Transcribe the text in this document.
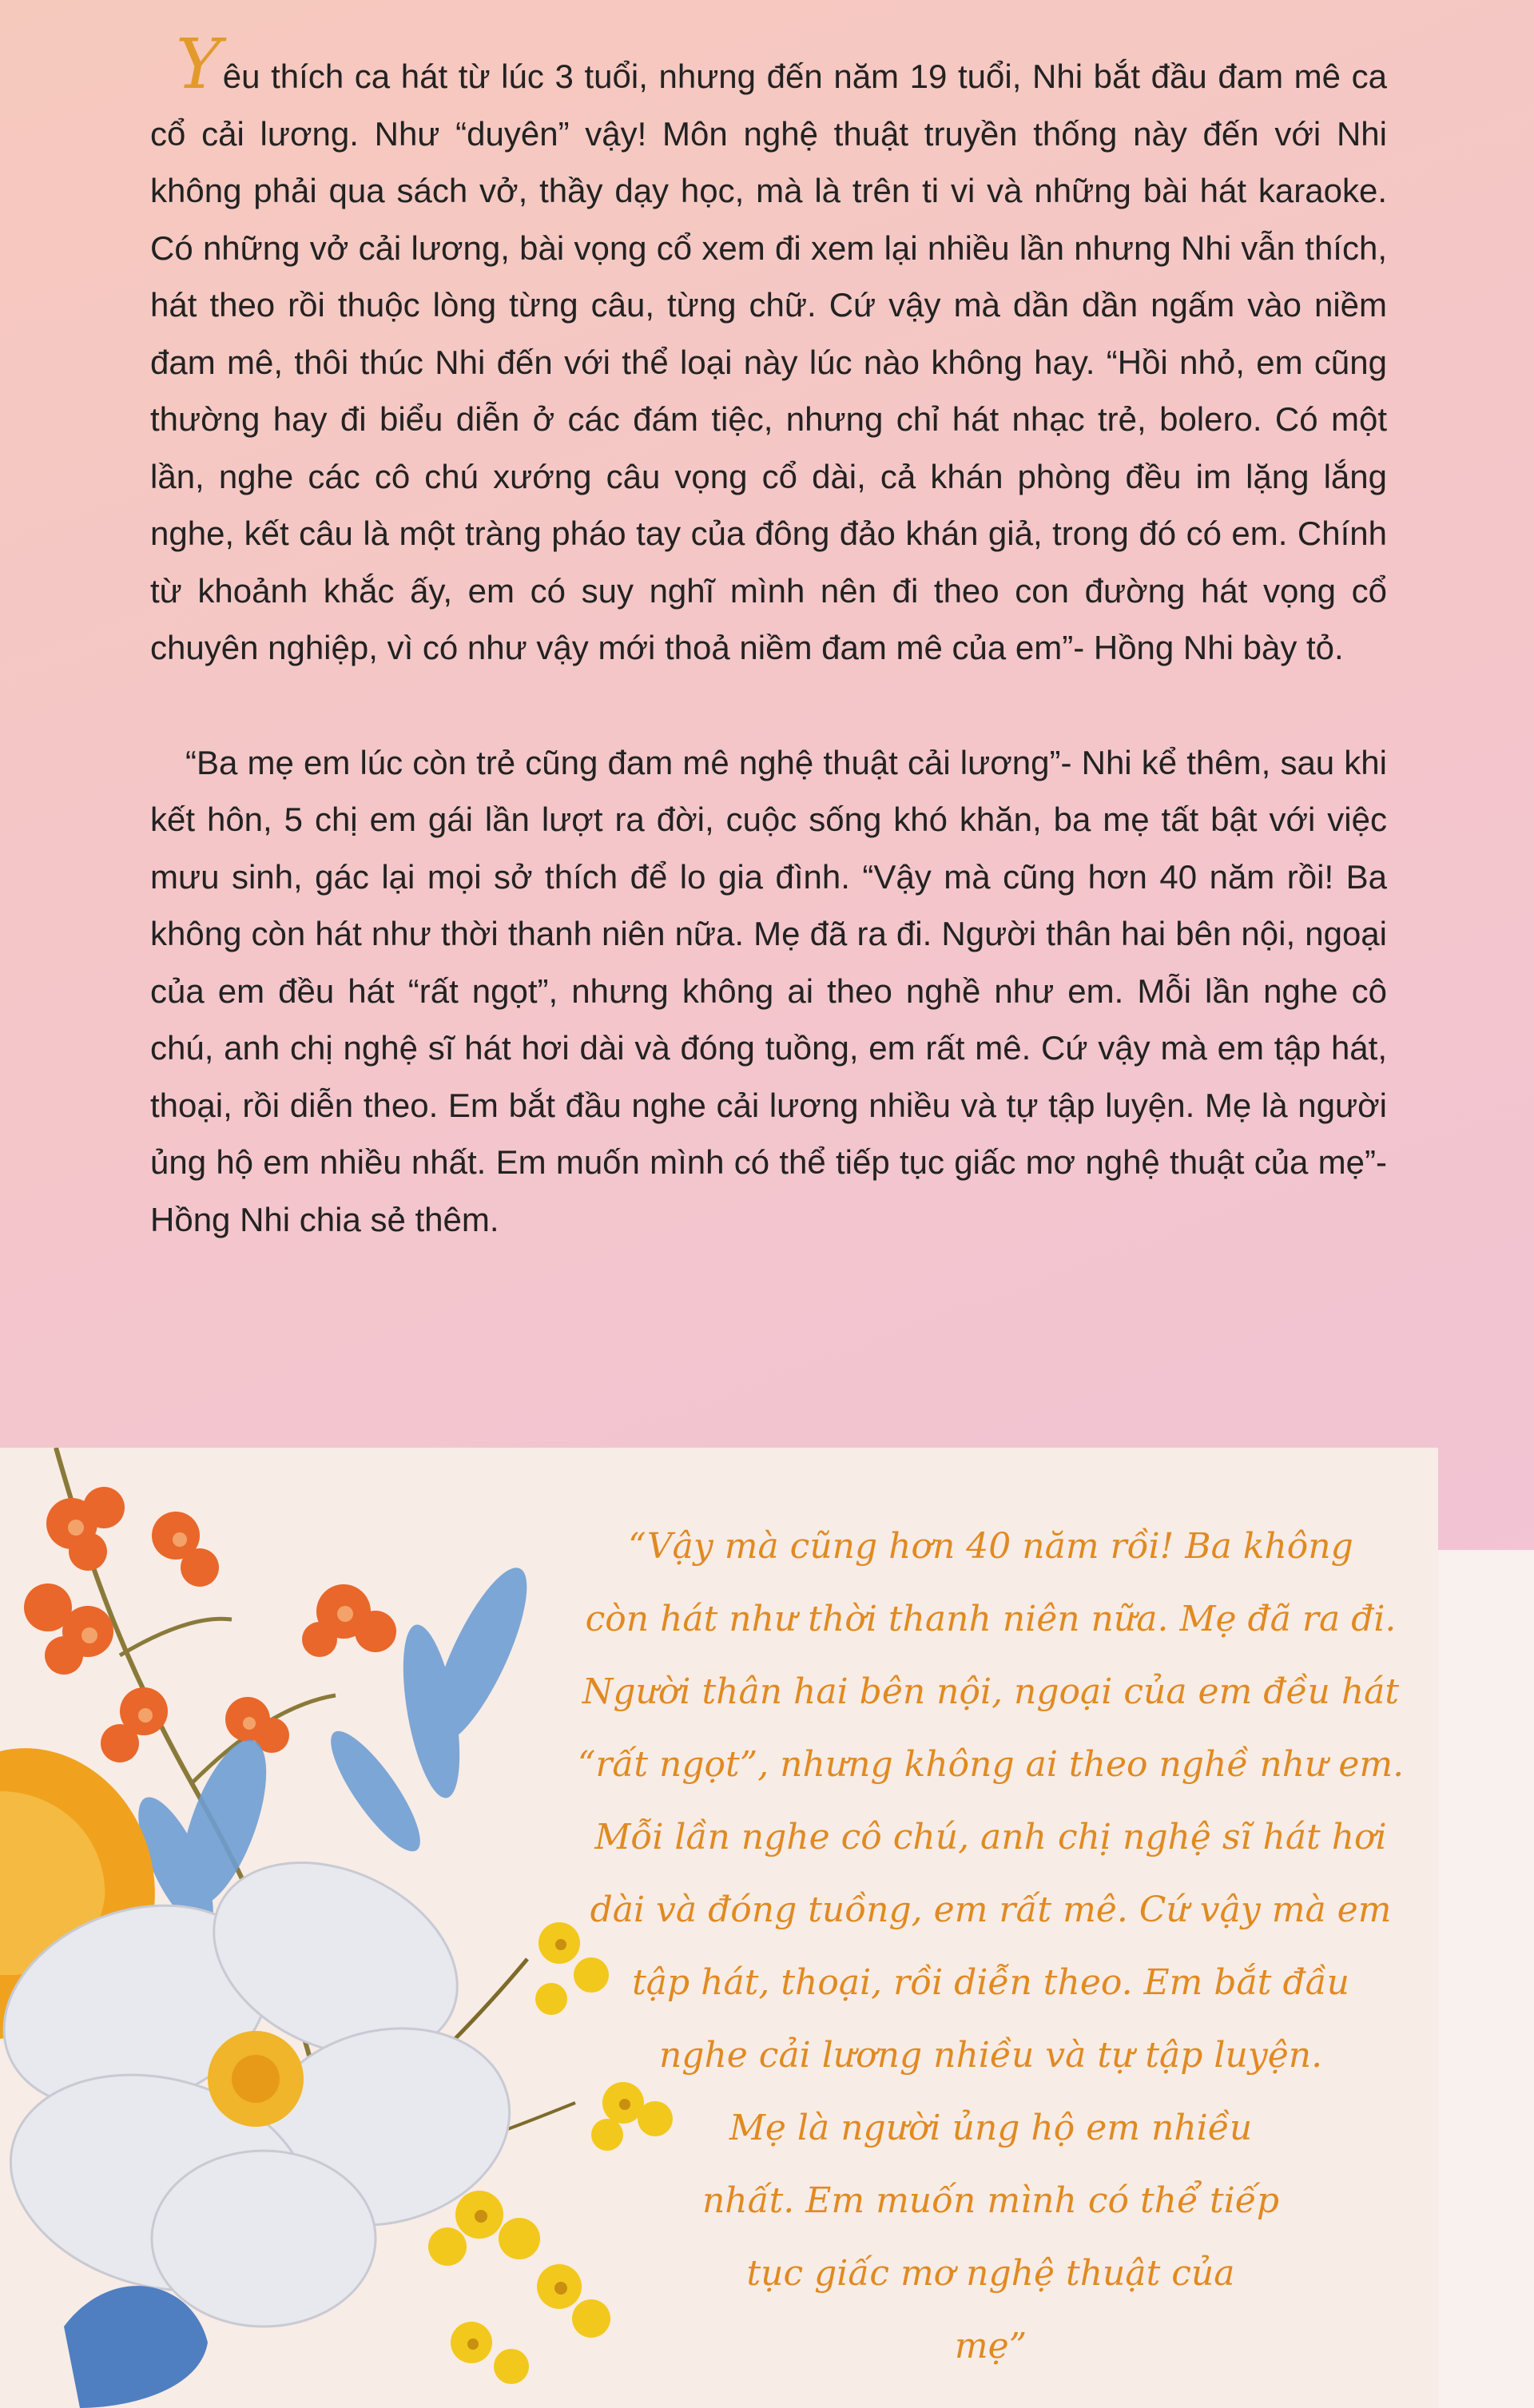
Yêu thích ca hát từ lúc 3 tuổi, nhưng đến năm 19 tuổi, Nhi bắt đầu đam mê ca cổ cải lương. Như “duyên” vậy! Môn nghệ thuật truyền thống này đến với Nhi không phải qua sách vở, thầy dạy học, mà là trên ti vi và những bài hát karaoke. Có những vở cải lương, bài vọng cổ xem đi xem lại nhiều lần nhưng Nhi vẫn thích, hát theo rồi thuộc lòng từng câu, từng chữ. Cứ vậy mà dần dần ngấm vào niềm đam mê, thôi thúc Nhi đến với thể loại này lúc nào không hay. “Hồi nhỏ, em cũng thường hay đi biểu diễn ở các đám tiệc, nhưng chỉ hát nhạc trẻ, bolero. Có một lần, nghe các cô chú xướng câu vọng cổ dài, cả khán phòng đều im lặng lắng nghe, kết câu là một tràng pháo tay của đông đảo khán giả, trong đó có em. Chính từ khoảnh khắc ấy, em có suy nghĩ mình nên đi theo con đường hát vọng cổ chuyên nghiệp, vì có như vậy mới thoả niềm đam mê của em”- Hồng Nhi bày tỏ.

“Ba mẹ em lúc còn trẻ cũng đam mê nghệ thuật cải lương”- Nhi kể thêm, sau khi kết hôn, 5 chị em gái lần lượt ra đời, cuộc sống khó khăn, ba mẹ tất bật với việc mưu sinh, gác lại mọi sở thích để lo gia đình. “Vậy mà cũng hơn 40 năm rồi! Ba không còn hát như thời thanh niên nữa. Mẹ đã ra đi. Người thân hai bên nội, ngoại của em đều hát “rất ngọt”, nhưng không ai theo nghề như em. Mỗi lần nghe cô chú, anh chị nghệ sĩ hát hơi dài và đóng tuồng, em rất mê. Cứ vậy mà em tập hát, thoại, rồi diễn theo. Em bắt đầu nghe cải lương nhiều và tự tập luyện. Mẹ là người ủng hộ em nhiều nhất. Em muốn mình có thể tiếp tục giấc mơ nghệ thuật của mẹ”- Hồng Nhi chia sẻ thêm.

“Vậy mà cũng hơn 40 năm rồi! Ba không
còn hát như thời thanh niên nữa. Mẹ đã ra đi.
Người thân hai bên nội, ngoại của em đều hát
“rất ngọt”, nhưng không ai theo nghề như em.
Mỗi lần nghe cô chú, anh chị nghệ sĩ hát hơi
dài và đóng tuồng, em rất mê. Cứ vậy mà em
tập hát, thoại, rồi diễn theo. Em bắt đầu
nghe cải lương nhiều và tự tập luyện.
Mẹ là người ủng hộ em nhiều
nhất. Em muốn mình có thể tiếp
tục giấc mơ nghệ thuật của
mẹ”
